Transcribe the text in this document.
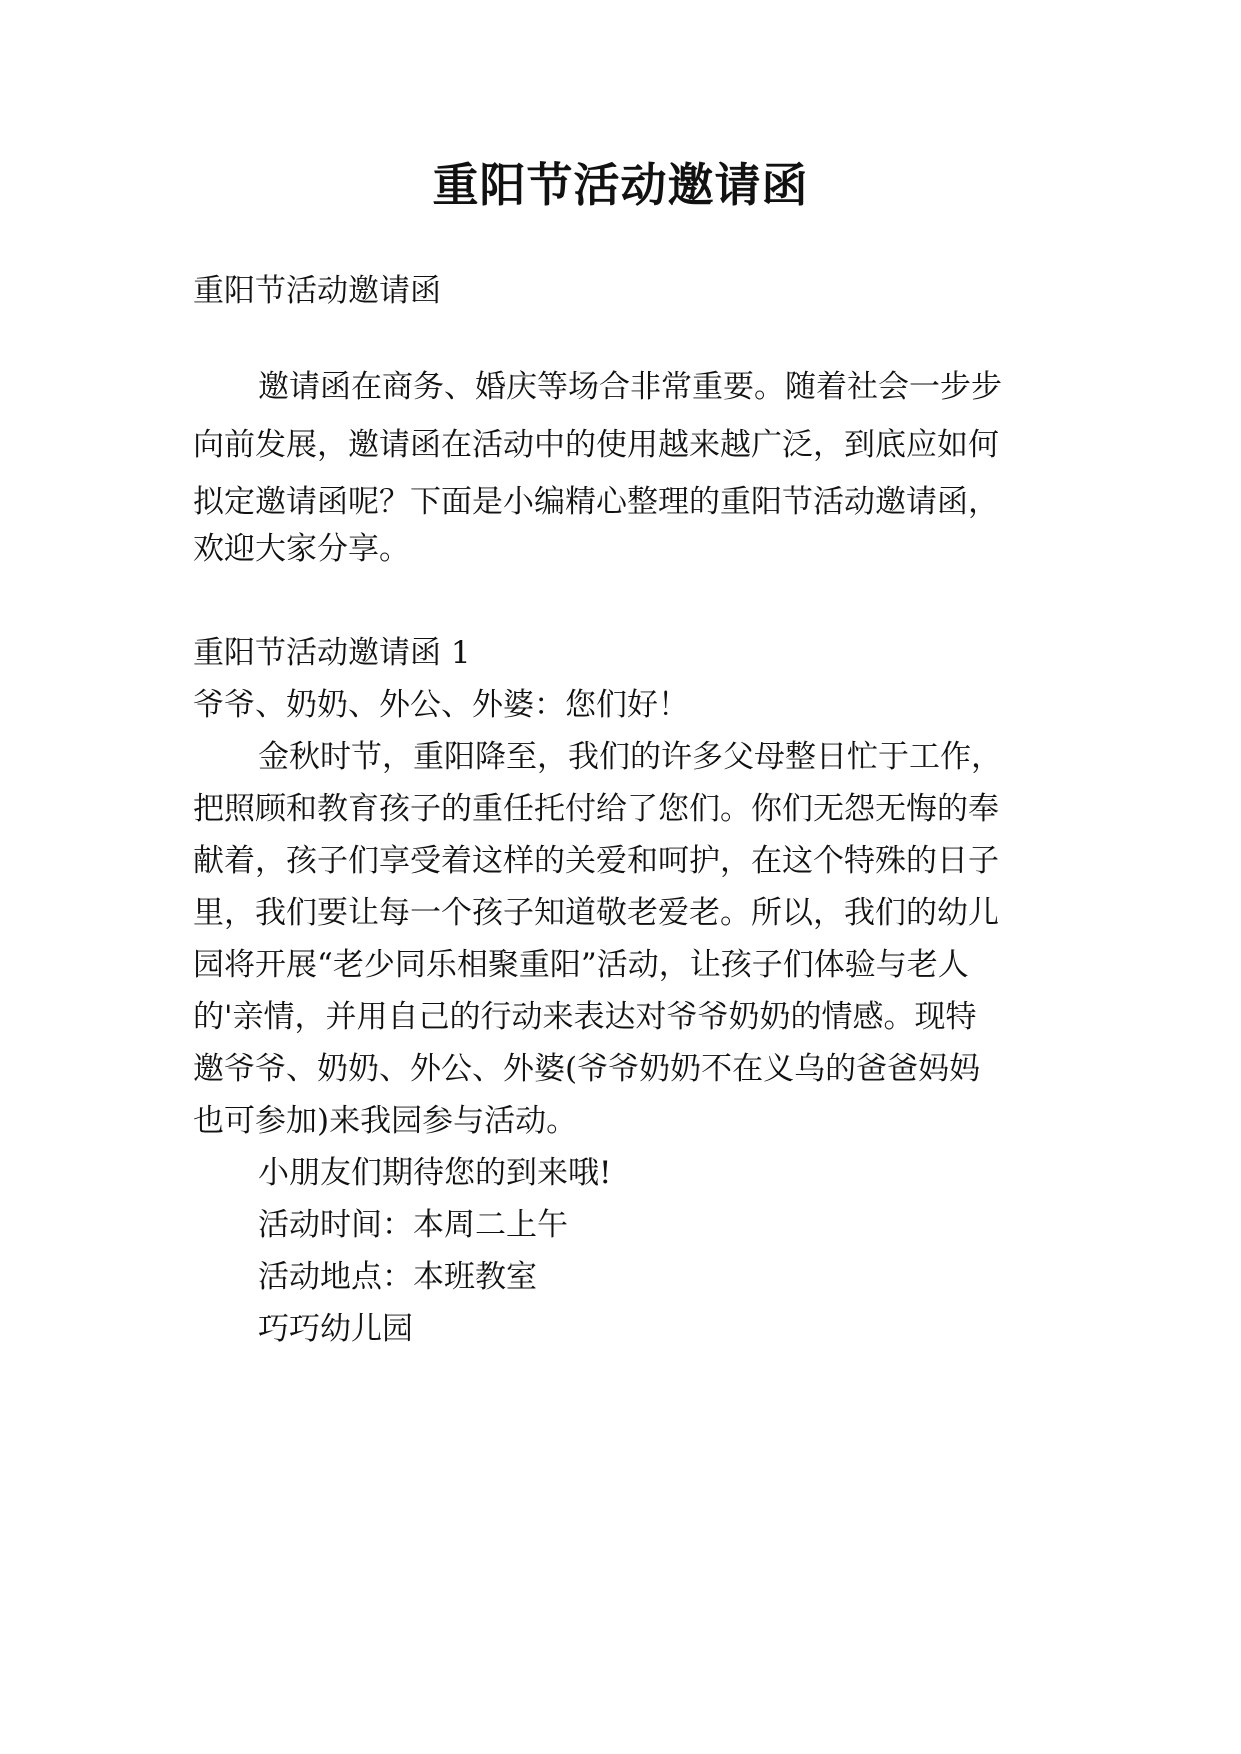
重阳节活动邀请函

重阳节活动邀请函

邀请函在商务、婚庆等场合非常重要。随着社会一步步

向前发展，邀请函在活动中的使用越来越广泛，到底应如何

拟定邀请函呢？下面是小编精心整理的重阳节活动邀请函，

欢迎大家分享。

重阳节活动邀请函 1

爷爷、奶奶、外公、外婆：您们好！

金秋时节，重阳降至，我们的许多父母整日忙于工作，

把照顾和教育孩子的重任托付给了您们。你们无怨无悔的奉

献着，孩子们享受着这样的关爱和呵护，在这个特殊的日子

里，我们要让每一个孩子知道敬老爱老。所以，我们的幼儿

园将开展“老少同乐相聚重阳”活动，让孩子们体验与老人

的'亲情，并用自己的行动来表达对爷爷奶奶的情感。现特

邀爷爷、奶奶、外公、外婆(爷爷奶奶不在义乌的爸爸妈妈

也可参加)来我园参与活动。

小朋友们期待您的到来哦!

活动时间：本周二上午

活动地点：本班教室

巧巧幼儿园
